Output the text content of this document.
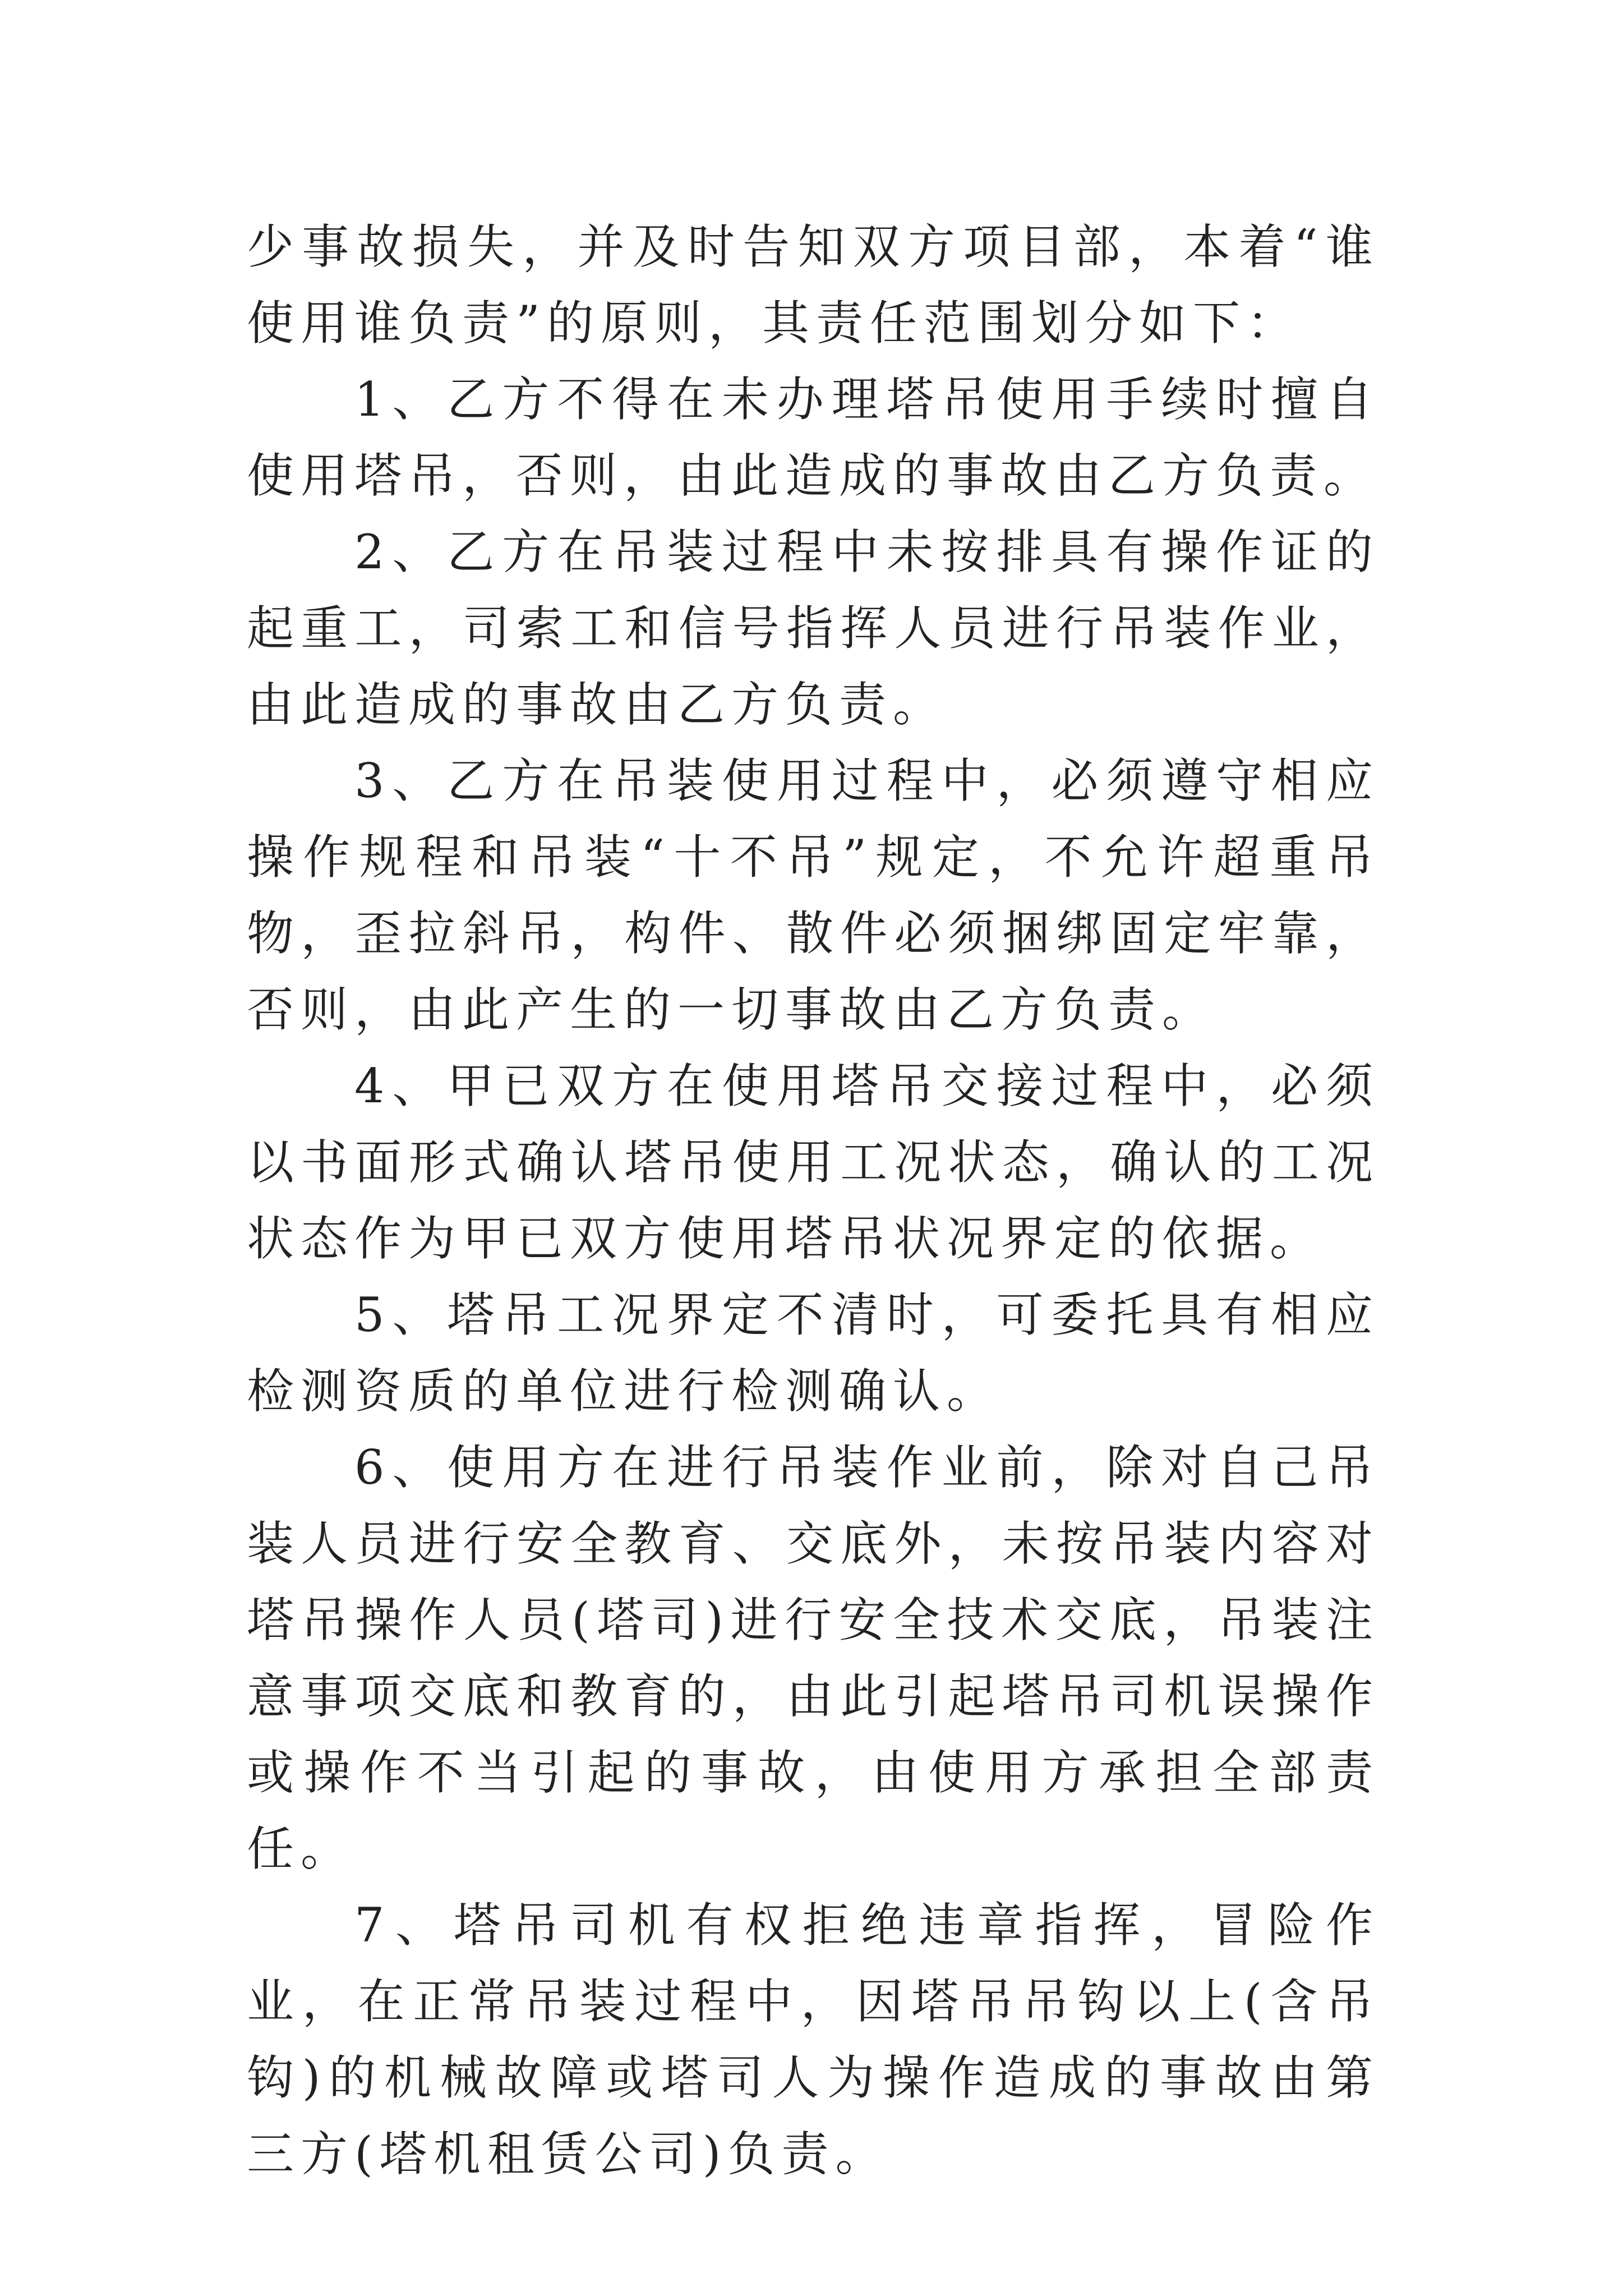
少事故损失，并及时告知双方项目部，本着“谁使用谁负责”的原则，其责任范围划分如下：

1、乙方不得在未办理塔吊使用手续时擅自使用塔吊，否则，由此造成的事故由乙方负责。

2、乙方在吊装过程中未按排具有操作证的起重工，司索工和信号指挥人员进行吊装作业，由此造成的事故由乙方负责。

3、乙方在吊装使用过程中，必须遵守相应操作规程和吊装“十不吊”规定，不允许超重吊物，歪拉斜吊，构件、散件必须捆绑固定牢靠，否则，由此产生的一切事故由乙方负责。

4、甲已双方在使用塔吊交接过程中，必须以书面形式确认塔吊使用工况状态，确认的工况状态作为甲已双方使用塔吊状况界定的依据。

5、塔吊工况界定不清时，可委托具有相应检测资质的单位进行检测确认。

6、使用方在进行吊装作业前，除对自己吊装人员进行安全教育、交底外，未按吊装内容对塔吊操作人员(塔司)进行安全技术交底，吊装注意事项交底和教育的，由此引起塔吊司机误操作或操作不当引起的事故，由使用方承担全部责任。

7、塔吊司机有权拒绝违章指挥，冒险作业，在正常吊装过程中，因塔吊吊钩以上(含吊钩)的机械故障或塔司人为操作造成的事故由第三方(塔机租赁公司)负责。
